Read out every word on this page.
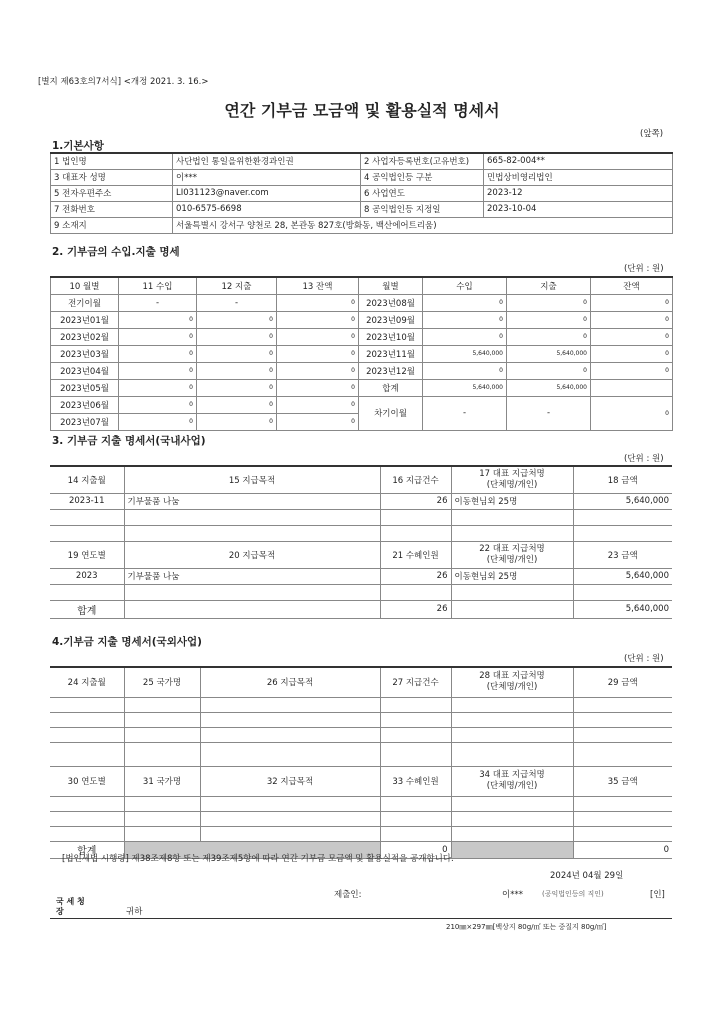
[별지 제63호의7서식] <개정 2021. 3. 16.>
연간 기부금 모금액 및 활용실적 명세서
(앞쪽)
1.기본사항
1 법인명	사단법인 통일을위한환경과인권	2 사업자등록번호(고유번호)	665-82-004**
3 대표자 성명	이***	4 공익법인등 구분	민법상비영리법인
5 전자우편주소	LI031123@naver.com	6 사업연도	2023-12
7 전화번호	010-6575-6698	8 공익법인등 지정일	2023-10-04
9 소재지	서울특별시 강서구 양천로 28, 본관동 827호(방화동, 백산에어트리움)		
2. 기부금의 수입.지출 명세
(단위 : 원)
10 월별	11 수입	12 지출	13 잔액	월별	수입	지출	잔액
전기이월	-	-	0	2023년08월	0	0	0
2023년01월	0	0	0	2023년09월	0	0	0
2023년02월	0	0	0	2023년10월	0	0	0
2023년03월	0	0	0	2023년11월	5,640,000	5,640,000	0
2023년04월	0	0	0	2023년12월	0	0	0
2023년05월	0	0	0	합계	5,640,000	5,640,000	
2023년06월	0	0	0	차기이월	-	-	0
2023년07월	0	0	0				
3. 기부금 지출 명세서(국내사업)
(단위 : 원)
14 지출월	15 지급목적	16 지급건수	17 대표 지급처명
(단체명/개인)	18 금액
2023-11	기부물품 나눔	26	이동현님외 25명	5,640,000

19 연도별	20 지급목적	21 수혜인원	22 대표 지급처명
(단체명/개인)	23 금액
2023	기부물품 나눔	26	이동현님외 25명	5,640,000

합계		26		5,640,000
4.기부금 지출 명세서(국외사업)
(단위 : 원)
24 지출월	25 국가명	26 지급목적	27 지급건수	28 대표 지급처명
(단체명/개인)	29 금액

30 연도별	31 국가명	32 지급목적	33 수혜인원	34 대표 지급처명
(단체명/개인)	35 금액

합계			0		0
[법인세법 시행령] 제38조제8항 또는 제39조제5항에 따라 연간 기부금 모금액 및 활용실적을 공개합니다.
2024년 04월 29일
제출인:	이***	(공익법인등의 직인)	[인]
국 세 청
장	귀하
210㎜×297㎜[백상지 80g/㎡ 또는 중질지 80g/㎡]
